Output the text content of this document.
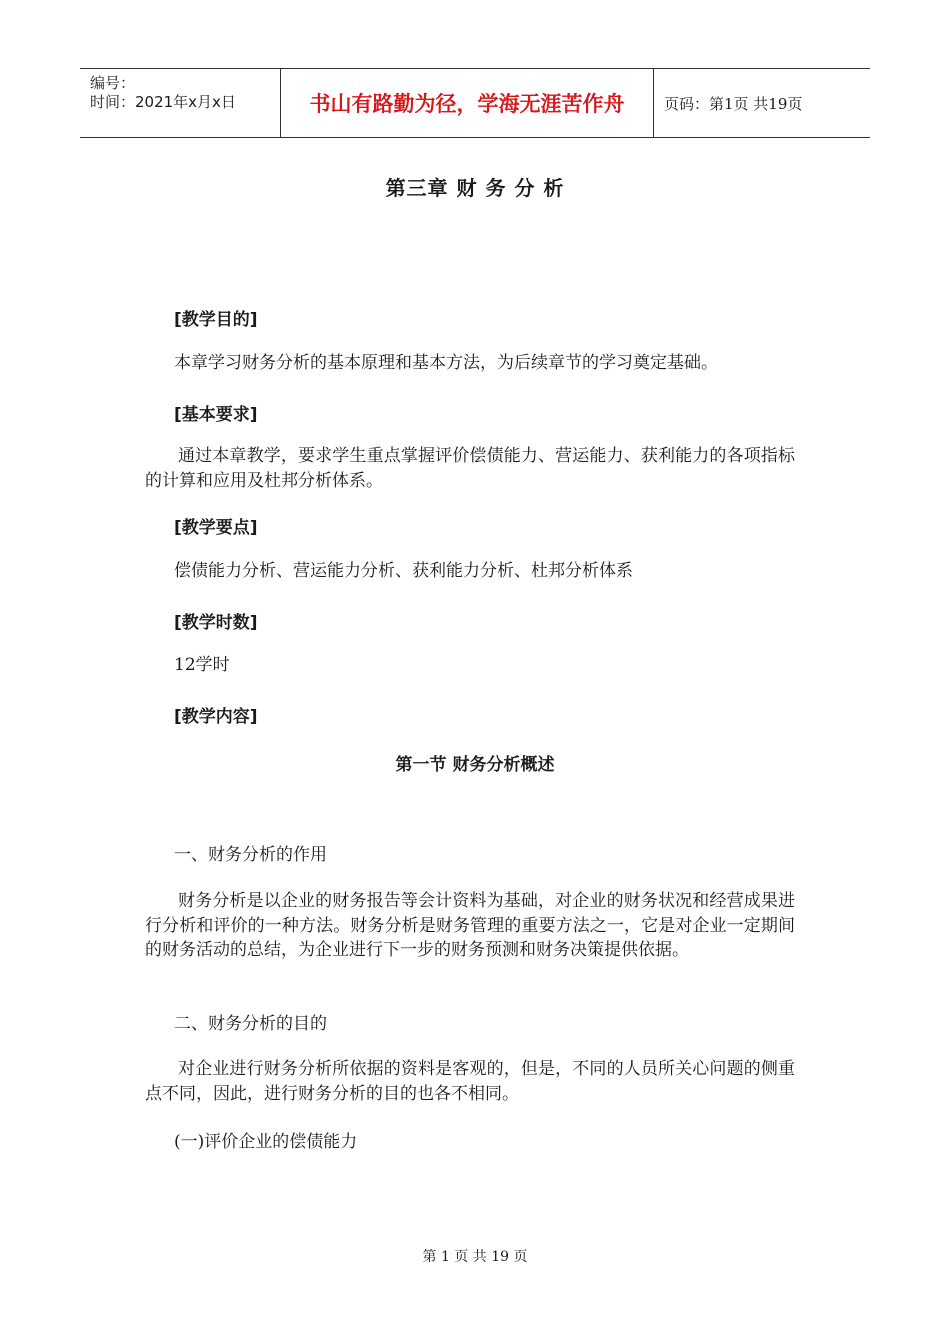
编号：
时间：2021年x月x日	书山有路勤为径，学海无涯苦作舟	页码：第1页 共19页
第三章 财 务 分 析
[教学目的]
本章学习财务分析的基本原理和基本方法，为后续章节的学习奠定基础。
[基本要求]
通过本章教学，要求学生重点掌握评价偿债能力、营运能力、获利能力的各项指标的计算和应用及杜邦分析体系。
[教学要点]
偿债能力分析、营运能力分析、获利能力分析、杜邦分析体系
[教学时数]
12学时
[教学内容]
第一节 财务分析概述
一、财务分析的作用
财务分析是以企业的财务报告等会计资料为基础，对企业的财务状况和经营成果进行分析和评价的一种方法。财务分析是财务管理的重要方法之一，它是对企业一定期间的财务活动的总结，为企业进行下一步的财务预测和财务决策提供依据。
二、财务分析的目的
对企业进行财务分析所依据的资料是客观的，但是，不同的人员所关心问题的侧重点不同，因此，进行财务分析的目的也各不相同。
(一)评价企业的偿债能力
第 1 页 共 19 页
